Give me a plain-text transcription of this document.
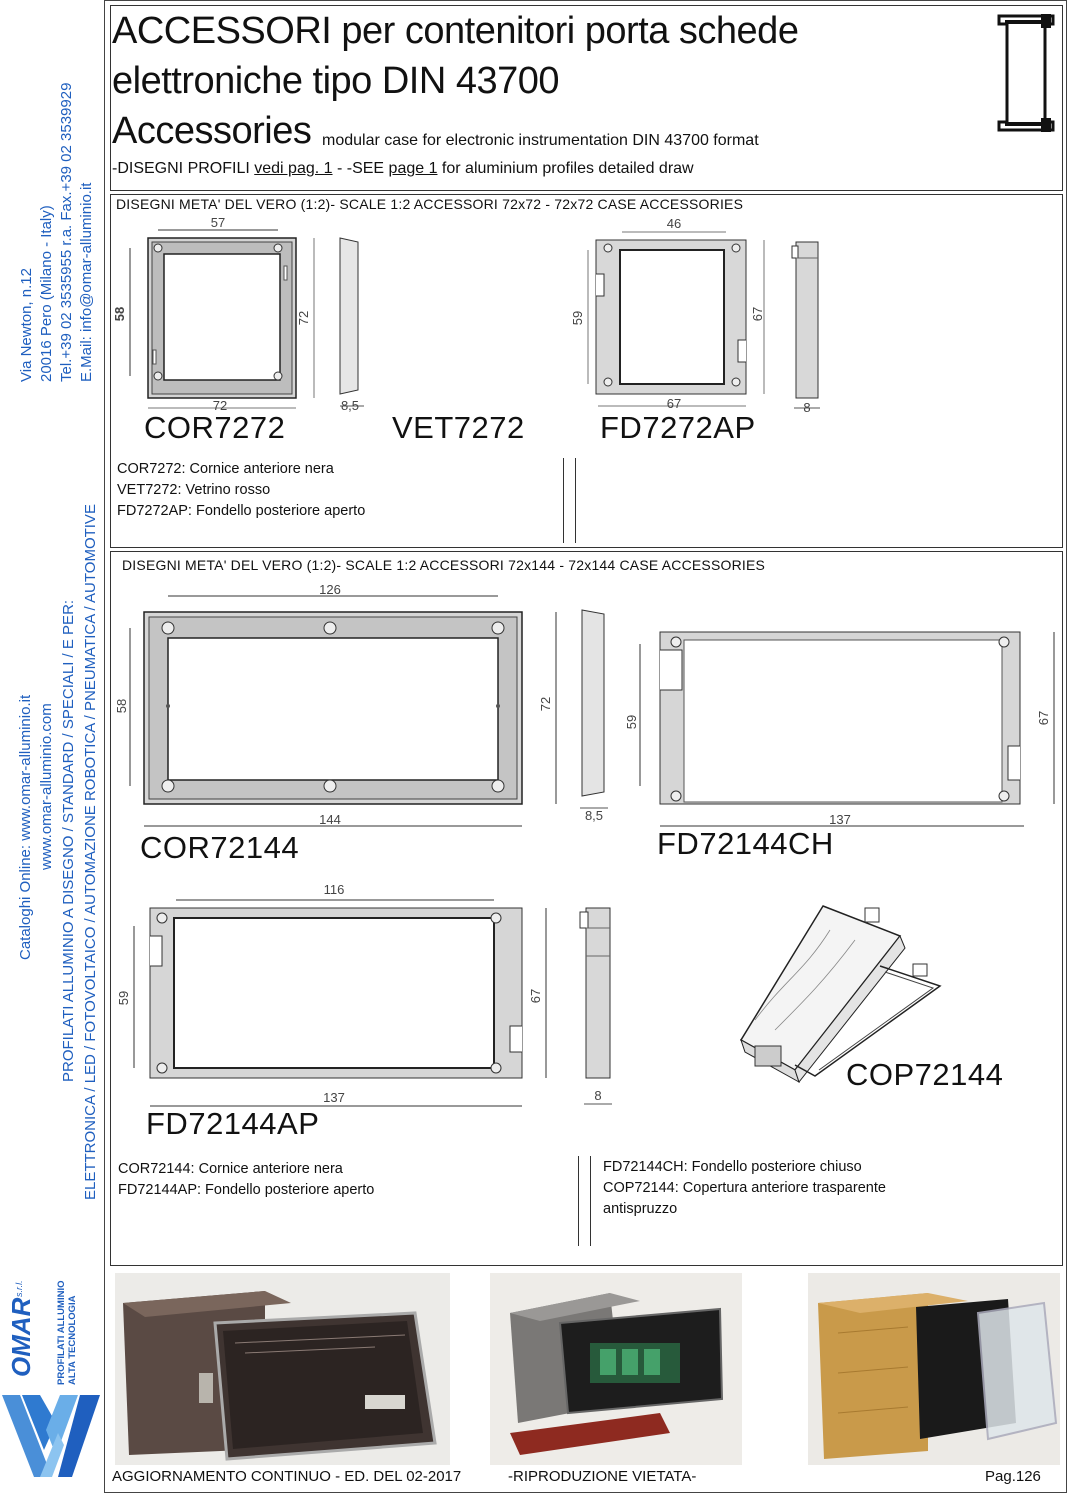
Via Newton, n.12 20016 Pero (Milano - Italy) Tel.+39 02 3535955 r.a. Fax.+39 02 3539929 E.Mail: info@omar-alluminio.it
Cataloghi Online: www.omar-alluminio.it www.omar-alluminio.com PROFILATI ALLUMINIO A DISEGNO / STANDARD / SPECIALI / E PER: ELETTRONICA / LED / FOTOVOLTAICO / AUTOMAZIONE ROBOTICA / PNEUMATICA / AUTOMOTIVE
OMAR
s.r.l.	PROFILATI ALLUMINIO ALTA TECNOLOGIA
ACCESSORI per contenitori porta schede
elettroniche tipo DIN 43700
Accessories modular case for electronic instrumentation DIN 43700 format
-DISEGNI PROFILI vedi pag. 1 - -SEE page 1 for aluminium profiles detailed draw
DISEGNI META' DEL VERO (1:2)- SCALE 1:2 ACCESSORI 72x72 - 72x72 CASE ACCESSORIES
57
58	72
72	8,5
46
59	67
67	8
COR7272	VET7272 FD7272AP
COR7272: Cornice anteriore nera
VET7272: Vetrino rosso
FD7272AP: Fondello posteriore aperto
DISEGNI META' DEL VERO (1:2)- SCALE 1:2 ACCESSORI 72x144 - 72x144 CASE ACCESSORIES
126
58	72
144	8,5
59	67
137
COR72144	FD72144CH
116
59	67
137	8
FD72144AP
COP72144
COR72144: Cornice anteriore nera
FD72144AP: Fondello posteriore aperto
FD72144CH: Fondello posteriore chiuso
COP72144: Copertura anteriore trasparente
antispruzzo
AGGIORNAMENTO CONTINUO - ED. DEL 02-2017	-RIPRODUZIONE VIETATA-	Pag.126
